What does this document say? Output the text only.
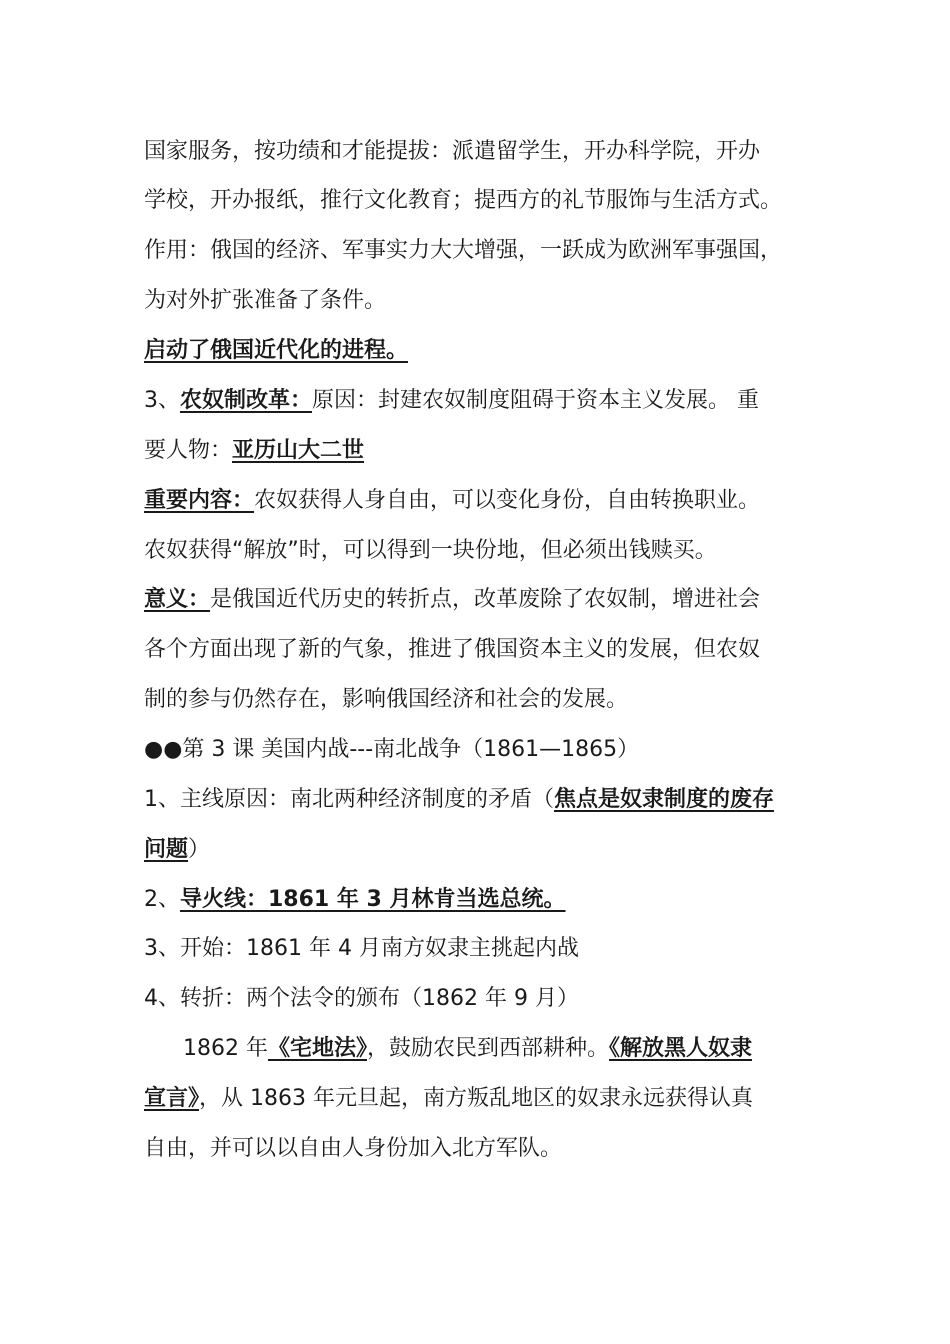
国家服务，按功绩和才能提拔：派遣留学生，开办科学院，开办
学校，开办报纸，推行文化教育；提西方的礼节服饰与生活方式。
作用：俄国的经济、军事实力大大增强，一跃成为欧洲军事强国，
为对外扩张准备了条件。
启动了俄国近代化的进程。
3、农奴制改革：原因：封建农奴制度阻碍于资本主义发展。 重
要人物：亚历山大二世
重要内容：农奴获得人身自由，可以变化身份，自由转换职业。
农奴获得“解放”时，可以得到一块份地，但必须出钱赎买。
意义：是俄国近代历史的转折点，改革废除了农奴制，增进社会
各个方面出现了新的气象，推进了俄国资本主义的发展，但农奴
制的参与仍然存在，影响俄国经济和社会的发展。
●●第 3 课 美国内战---南北战争（1861—1865）
1、主线原因：南北两种经济制度的矛盾（焦点是奴隶制度的废存
问题）
2、导火线：1861 年 3 月林肯当选总统。
3、开始：1861 年 4 月南方奴隶主挑起内战
4、转折：两个法令的颁布（1862 年 9 月）
1862 年《宅地法》，鼓励农民到西部耕种。《解放黑人奴隶
宣言》，从 1863 年元旦起，南方叛乱地区的奴隶永远获得认真
自由，并可以以自由人身份加入北方军队。
